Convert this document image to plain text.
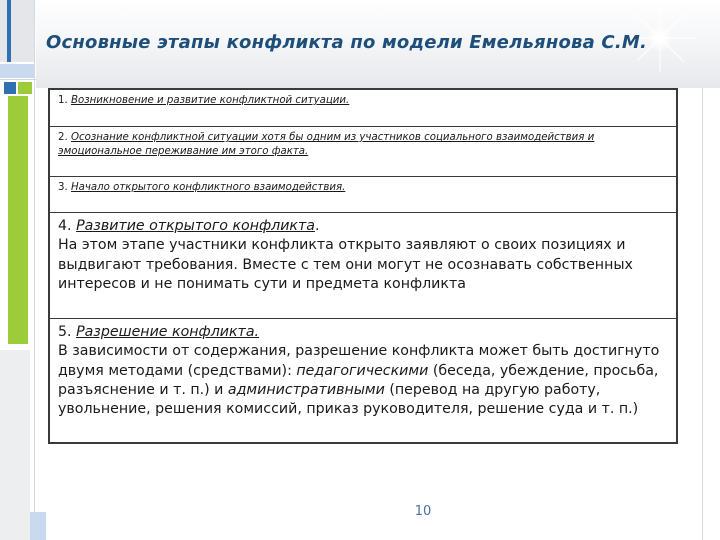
Основные этапы конфликта по модели Емельянова С.М.
1. Возникновение и развитие конфликтной ситуации.
2. Осознание конфликтной ситуации хотя бы одним из участников социального взаимодействия и эмоциональное переживание им этого факта.
3. Начало открытого конфликтного взаимодействия.
4. Развитие открытого конфликта.
На этом этапе участники конфликта открыто заявляют о своих позициях и выдвигают требования. Вместе с тем они могут не осознавать собственных интересов и не понимать сути и предмета конфликта
5. Разрешение конфликта.
В зависимости от содержания, разрешение конфликта может быть достигнуто двумя методами (средствами): педагогическими (беседа, убеждение, просьба, разъяснение и т. п.) и административными (перевод на другую работу, увольнение, решения комиссий, приказ руководителя, решение суда и т. п.)
10
